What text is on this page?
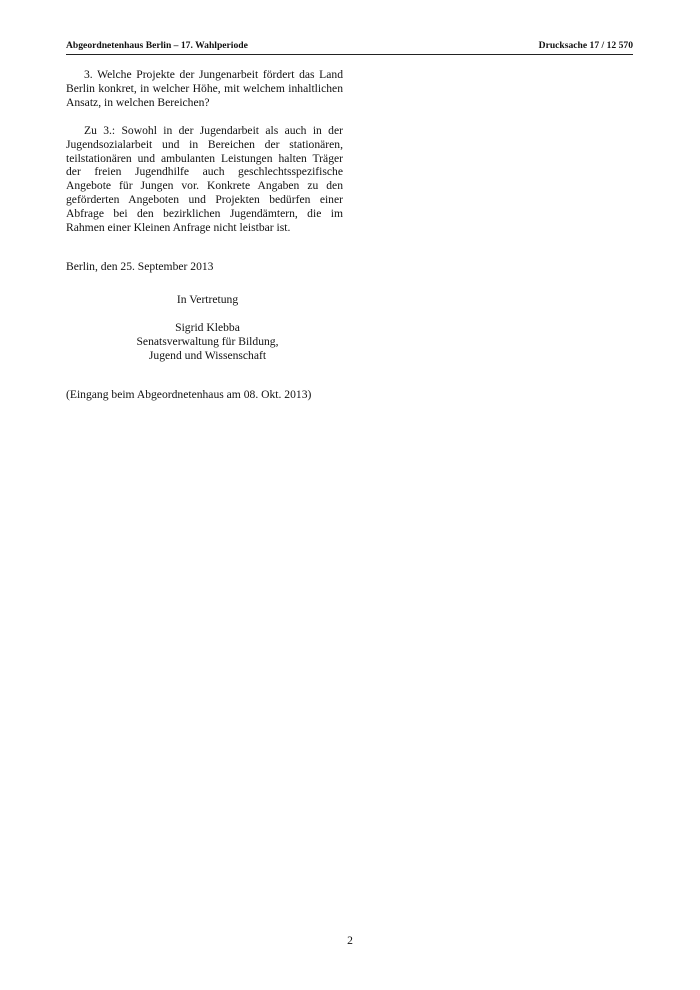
Abgeordnetenhaus Berlin – 17. Wahlperiode	Drucksache 17 / 12 570

3. Welche Projekte der Jungenarbeit fördert das Land Berlin konkret, in welcher Höhe, mit welchem inhaltlichen Ansatz, in welchen Bereichen?

Zu 3.: Sowohl in der Jugendarbeit als auch in der Jugendsozialarbeit und in Bereichen der stationären, teilstationären und ambulanten Leistungen halten Träger der freien Jugendhilfe auch geschlechtsspezifische Angebote für Jungen vor. Konkrete Angaben zu den geförderten Angeboten und Projekten bedürfen einer Abfrage bei den bezirklichen Jugendämtern, die im Rahmen einer Kleinen Anfrage nicht leistbar ist.

Berlin, den 25. September 2013

In Vertretung
Sigrid Klebba
Senatsverwaltung für Bildung,
Jugend und Wissenschaft

(Eingang beim Abgeordnetenhaus am 08. Okt. 2013)

2
